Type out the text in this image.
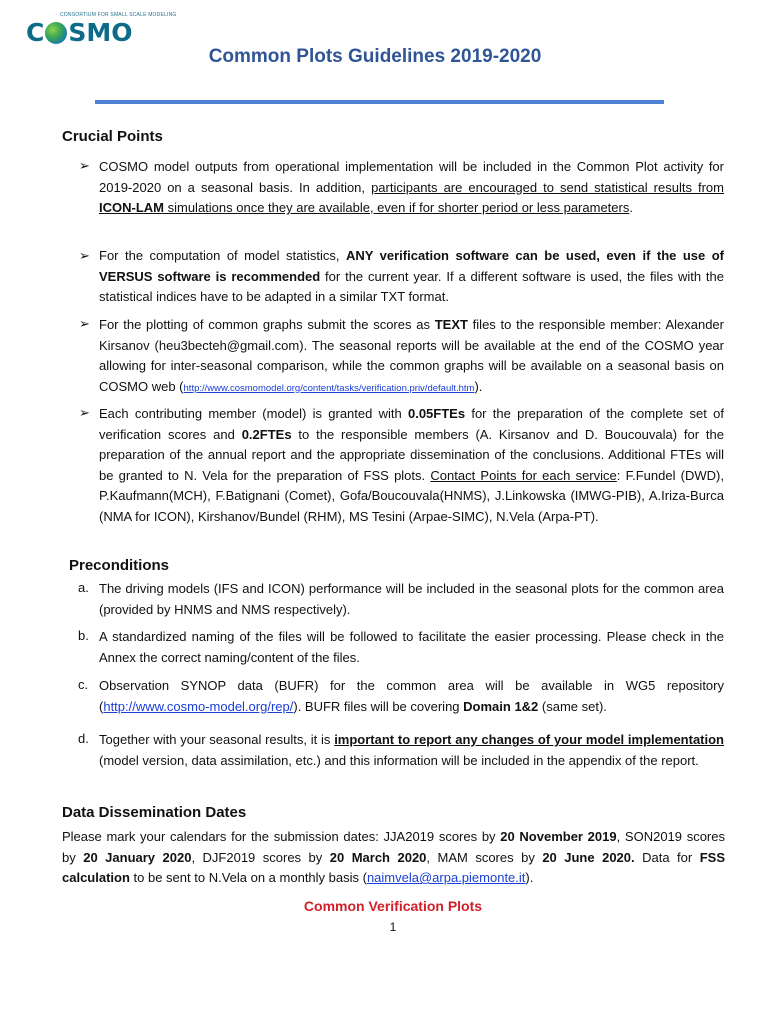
CONSORTIUM FOR SMALL SCALE MODELING
C SMO
Common Plots Guidelines 2019-2020
Crucial Points
➢ COSMO model outputs from operational implementation will be included in the Common Plot activity for 2019-2020 on a seasonal basis. In addition, participants are encouraged to send statistical results from ICON-LAM simulations once they are available, even if for shorter period or less parameters.
➢ For the computation of model statistics, ANY verification software can be used, even if the use of VERSUS software is recommended for the current year. If a different software is used, the files with the statistical indices have to be adapted in a similar TXT format.
➢ For the plotting of common graphs submit the scores as TEXT files to the responsible member: Alexander Kirsanov (heu3becteh@gmail.com). The seasonal reports will be available at the end of the COSMO year allowing for inter-seasonal comparison, while the common graphs will be available on a seasonal basis on COSMO web (http://www.cosmomodel.org/content/tasks/verification.priv/default.htm).
➢ Each contributing member (model) is granted with 0.05FTEs for the preparation of the complete set of verification scores and 0.2FTEs to the responsible members (A. Kirsanov and D. Boucouvala) for the preparation of the annual report and the appropriate dissemination of the conclusions. Additional FTEs will be granted to N. Vela for the preparation of FSS plots. Contact Points for each service: F.Fundel (DWD), P.Kaufmann(MCH), F.Batignani (Comet), Gofa/Boucouvala(HNMS), J.Linkowska (IMWG-PIB), A.Iriza-Burca (NMA for ICON), Kirshanov/Bundel (RHM), MS Tesini (Arpae-SIMC), N.Vela (Arpa-PT).
Preconditions
a. The driving models (IFS and ICON) performance will be included in the seasonal plots for the common area (provided by HNMS and NMS respectively).
b. A standardized naming of the files will be followed to facilitate the easier processing. Please check in the Annex the correct naming/content of the files.
c. Observation SYNOP data (BUFR) for the common area will be available in WG5 repository (http://www.cosmo-model.org/rep/). BUFR files will be covering Domain 1&2 (same set).
d. Together with your seasonal results, it is important to report any changes of your model implementation (model version, data assimilation, etc.) and this information will be included in the appendix of the report.
Data Dissemination Dates
Please mark your calendars for the submission dates: JJA2019 scores by 20 November 2019, SON2019 scores by 20 January 2020, DJF2019 scores by 20 March 2020, MAM scores by 20 June 2020. Data for FSS calculation to be sent to N.Vela on a monthly basis (naimvela@arpa.piemonte.it).
Common Verification Plots
1
